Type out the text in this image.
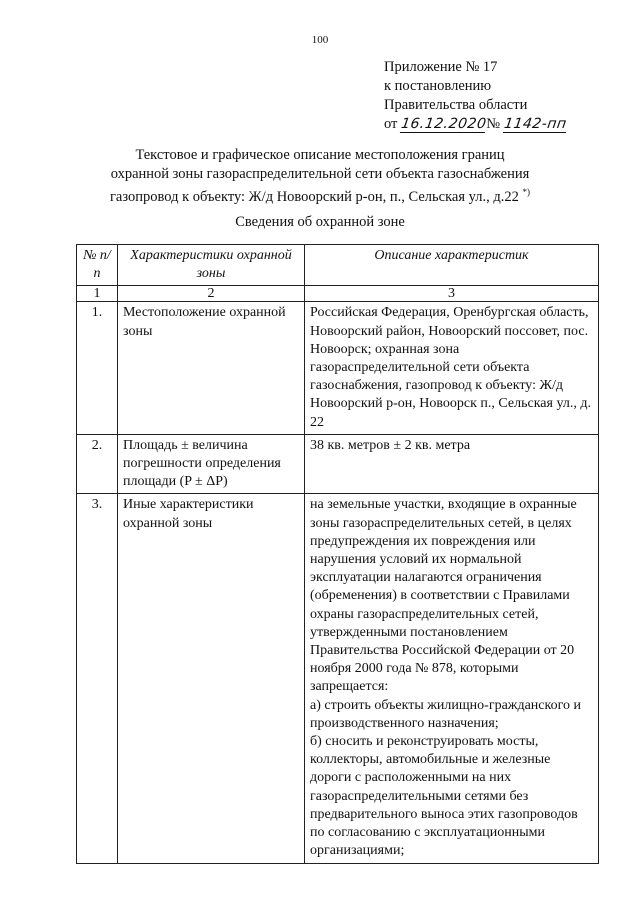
100
Приложение № 17
к постановлению
Правительства области
от 16.12.2020№ 1142-пп
Текстовое и графическое описание местоположения границ
охранной зоны газораспределительной сети объекта газоснабжения
газопровод к объекту: Ж/д Новоорский р-он, п., Сельская ул., д.22 *)
Сведения об охранной зоне
№ п/п	Характеристики охранной зоны	Описание характеристик
1	2	3
1.	Местоположение охранной зоны	Российская Федерация, Оренбургская область, Новоорский район, Новоорский поссовет, пос. Новоорск; охранная зона газораспределительной сети объекта газоснабжения, газопровод к объекту: Ж/д Новоорский р-он, Новоорск п., Сельская ул., д. 22
2.	Площадь ± величина погрешности определения площади (P ± ΔP)	38 кв. метров ± 2 кв. метра
3.	Иные характеристики охранной зоны	на земельные участки, входящие в охранные зоны газораспределительных сетей, в целях предупреждения их повреждения или нарушения условий их нормальной эксплуатации налагаются ограничения (обременения) в соответствии с Правилами охраны газораспределительных сетей, утвержденными постановлением Правительства Российской Федерации от 20 ноября 2000 года № 878, которыми запрещается:
а) строить объекты жилищно-гражданского и производственного назначения;
б) сносить и реконструировать мосты, коллекторы, автомобильные и железные дороги с расположенными на них газораспределительными сетями без предварительного выноса этих газопроводов по согласованию с эксплуатационными организациями;
